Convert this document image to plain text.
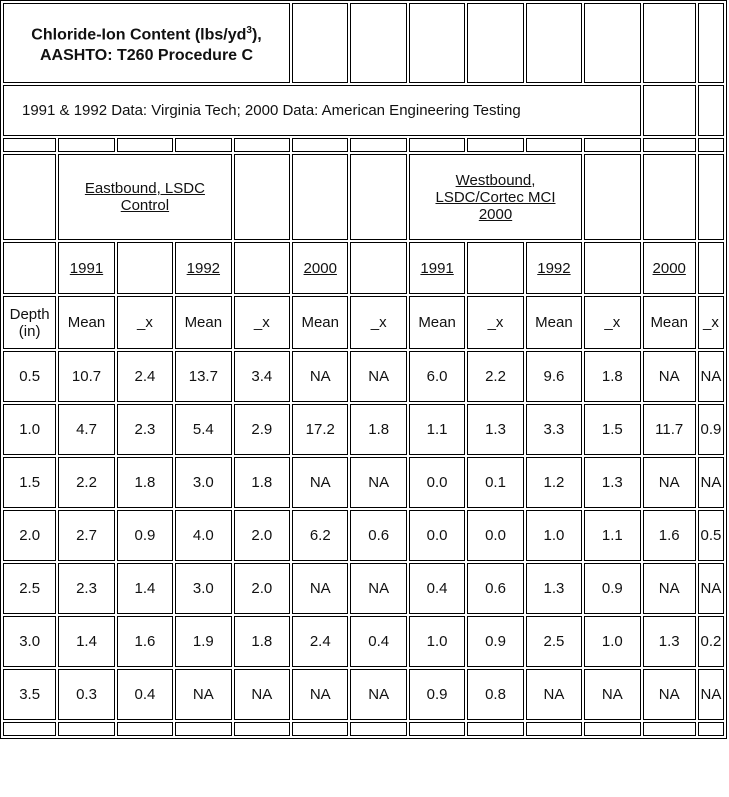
Chloride-Ion Content $(lbs/yd^3)$,
AASHTO: T260 Procedure C												
1991 & 1992 Data: Virginia Tech; 2000 Data: American Engineering Testing												

	Eastbound, LSDC
Control						Westbound,
LSDC/Cortec MCI
2000					
	1991		1992		2000		1991		1992		2000	
Depth
(in)	Mean	_x	Mean	_x	Mean	_x	Mean	_x	Mean	_x	Mean	_x
0.5	10.7	2.4	13.7	3.4	NA	NA	6.0	2.2	9.6	1.8	NA	NA
1.0	4.7	2.3	5.4	2.9	17.2	1.8	1.1	1.3	3.3	1.5	11.7	0.9
1.5	2.2	1.8	3.0	1.8	NA	NA	0.0	0.1	1.2	1.3	NA	NA
2.0	2.7	0.9	4.0	2.0	6.2	0.6	0.0	0.0	1.0	1.1	1.6	0.5
2.5	2.3	1.4	3.0	2.0	NA	NA	0.4	0.6	1.3	0.9	NA	NA
3.0	1.4	1.6	1.9	1.8	2.4	0.4	1.0	0.9	2.5	1.0	1.3	0.2
3.5	0.3	0.4	NA	NA	NA	NA	0.9	0.8	NA	NA	NA	NA
